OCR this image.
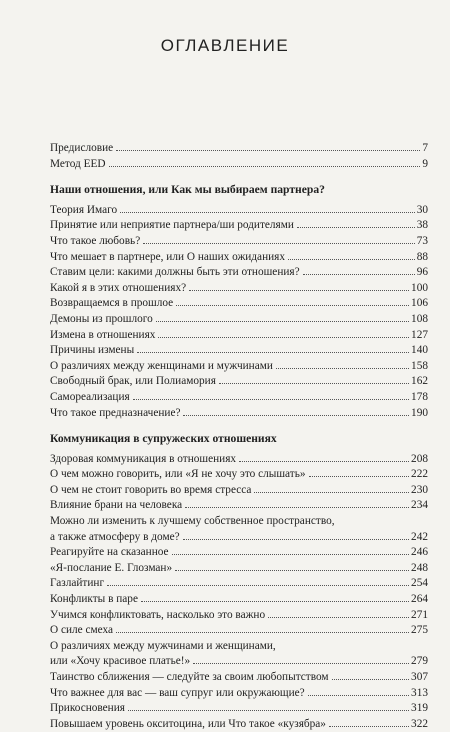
ОГЛАВЛЕНИЕ
Предисловие	7
Метод EED	9
Наши отношения, или Как мы выбираем партнера?
Теория Имаго	30
Принятие или неприятие партнера/ши родителями	38
Что такое любовь?	73
Что мешает в партнере, или О наших ожиданиях	88
Ставим цели: какими должны быть эти отношения?	96
Какой я в этих отношениях?	100
Возвращаемся в прошлое	106
Демоны из прошлого	108
Измена в отношениях	127
Причины измены	140
О различиях между женщинами и мужчинами	158
Свободный брак, или Полиамория	162
Самореализация	178
Что такое предназначение?	190
Коммуникация в супружеских отношениях
Здоровая коммуникация в отношениях	208
О чем можно говорить, или «Я не хочу это слышать»	222
О чем не стоит говорить во время стресса	230
Влияние брани на человека	234
Можно ли изменить к лучшему собственное пространство,
а также атмосферу в доме?	242
Реагируйте на сказанное	246
«Я-послание Е. Глозман»	248
Газлайтинг	254
Конфликты в паре	264
Учимся конфликтовать, насколько это важно	271
О силе смеха	275
О различиях между мужчинами и женщинами,
или «Хочу красивое платье!»	279
Таинство сближения — следуйте за своим любопытством	307
Что важнее для вас — ваш супруг или окружающие?	313
Прикосновения	319
Повышаем уровень окситоцина, или Что такое «кузябра»	322
